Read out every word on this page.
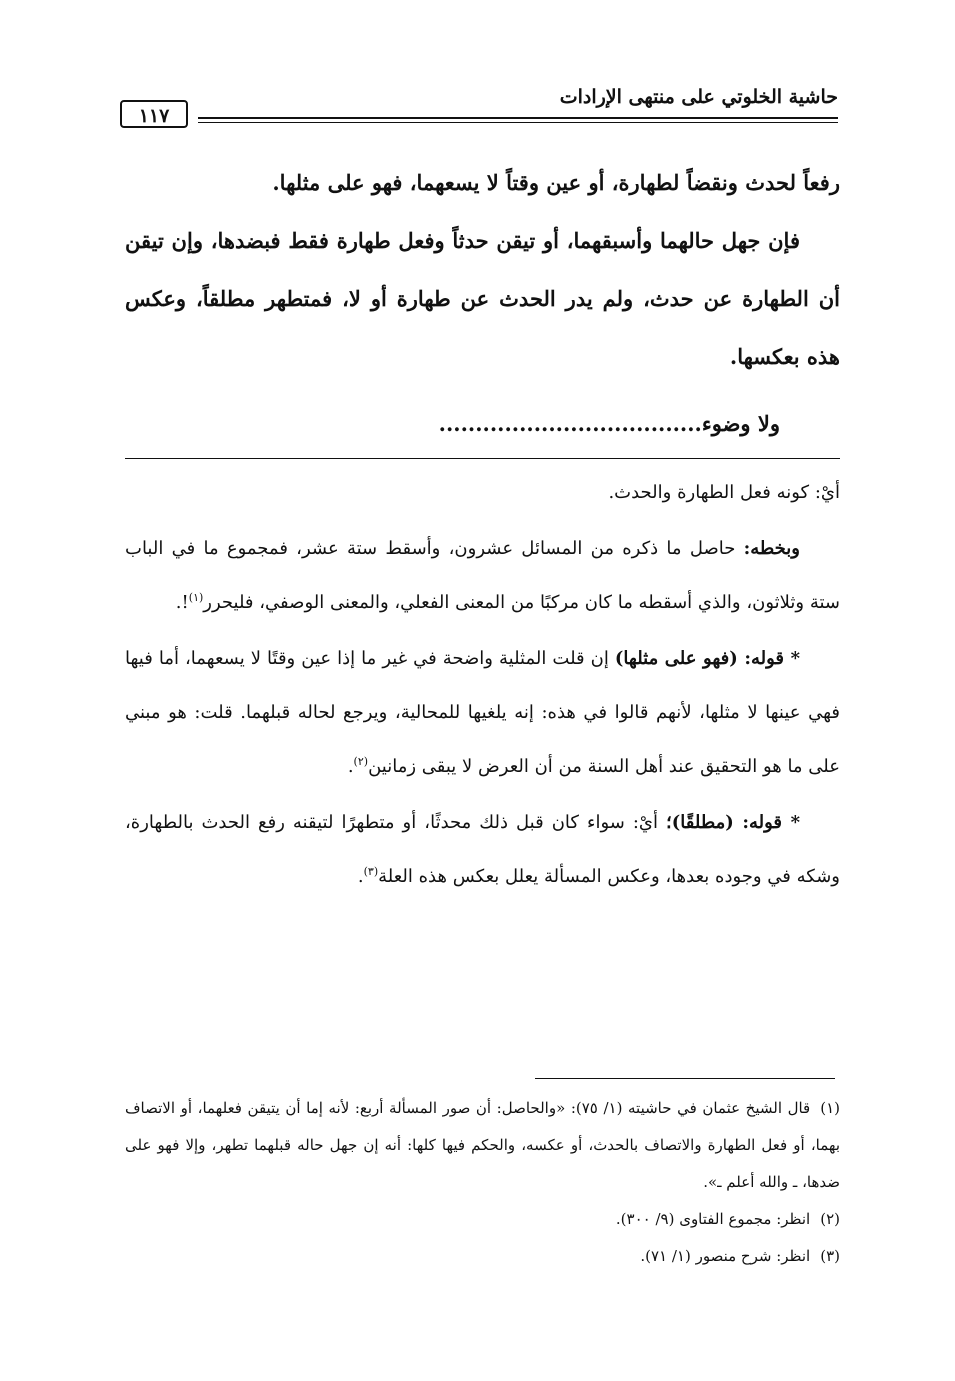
حاشية الخلوتي على منتهى الإرادات
١١٧

رفعاً لحدث ونقضاً لطهارة، أو عين وقتاً لا يسعهما، فهو على مثلها.

فإن جهل حالهما وأسبقهما، أو تيقن حدثاً وفعل طهارة فقط فبضدها، وإن تيقن أن الطهارة عن حدث، ولم يدر الحدث عن طهارة أو لا، فمتطهر مطلقاً، وعكس هذه بعكسها.

ولا وضوء....................................

أيْ: كونه فعل الطهارة والحدث.

وبخطه: حاصل ما ذكره من المسائل عشرون، وأسقط ستة عشر، فمجموع ما في الباب ستة وثلاثون، والذي أسقطه ما كان مركبًا من المعنى الفعلي، والمعنى الوصفي، فليحرر$^{(١)}$!.

* قوله: (فهو على مثلها) إن قلت المثلية واضحة في غير ما إذا عين وقتًا لا يسعهما، أما فيها فهي عينها لا مثلها، لأنهم قالوا في هذه: إنه يلغيها للمحالية، ويرجع لحاله قبلهما. قلت: هو مبني على ما هو التحقيق عند أهل السنة من أن العرض لا يبقى زمانين$^{(٢)}$.

* قوله: (مطلقًا)؛ أيْ: سواء كان قبل ذلك محدثًا، أو متطهرًا لتيقنه رفع الحدث بالطهارة، وشكه في وجوده بعدها، وعكس المسألة يعلل بعكس هذه العلة$^{(٣)}$.

(١)قال الشيخ عثمان في حاشيته (١/ ٧٥): «والحاصل: أن صور المسألة أربع: لأنه إما أن يتيقن فعلهما، أو الاتصاف بهما، أو فعل الطهارة والاتصاف بالحدث، أو عكسه، والحكم فيها كلها: أنه إن جهل حاله قبلهما تطهر، وإلا فهو على ضدها، ـ والله أعلم ـ».

(٢)انظر: مجموع الفتاوى (٩/ ٣٠٠).

(٣)انظر: شرح منصور (١/ ٧١).
